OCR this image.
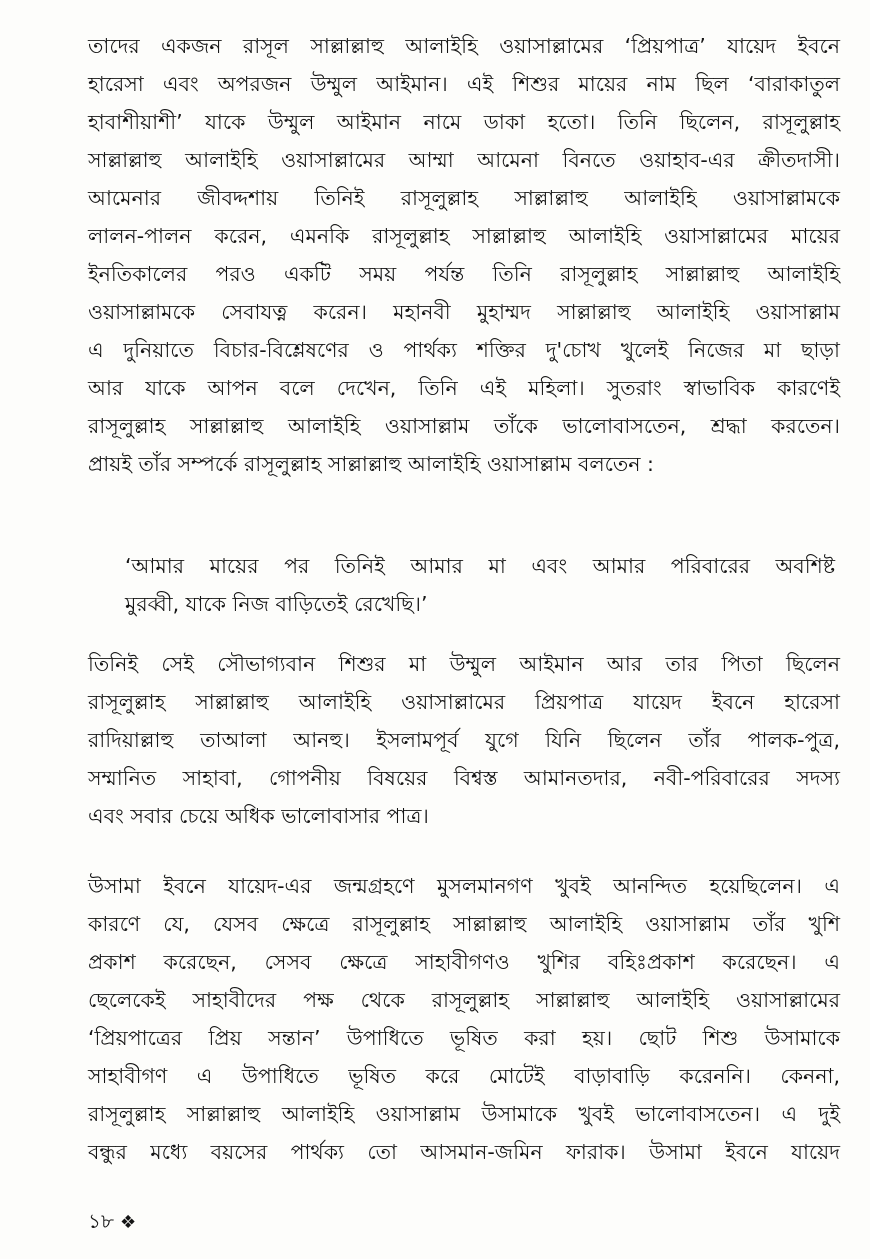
তাদের একজন রাসূল সাল্লাল্লাহু আলাইহি ওয়াসাল্লামের ‘প্রিয়পাত্র’ যায়েদ ইবনে
হারেসা এবং অপরজন উম্মুল আইমান। এই শিশুর মায়ের নাম ছিল ‘বারাকাতুল
হাবাশীয়াশী’ যাকে উম্মুল আইমান নামে ডাকা হতো। তিনি ছিলেন, রাসূলুল্লাহ
সাল্লাল্লাহু আলাইহি ওয়াসাল্লামের আম্মা আমেনা বিনতে ওয়াহাব-এর ক্রীতদাসী।
আমেনার জীবদ্দশায় তিনিই রাসূলুল্লাহ সাল্লাল্লাহু আলাইহি ওয়াসাল্লামকে
লালন-পালন করেন, এমনকি রাসূলুল্লাহ সাল্লাল্লাহু আলাইহি ওয়াসাল্লামের মায়ের
ইনতিকালের পরও একটি সময় পর্যন্ত তিনি রাসূলুল্লাহ সাল্লাল্লাহু আলাইহি
ওয়াসাল্লামকে সেবাযত্ন করেন। মহানবী মুহাম্মদ সাল্লাল্লাহু আলাইহি ওয়াসাল্লাম
এ দুনিয়াতে বিচার-বিশ্লেষণের ও পার্থক্য শক্তির দু'চোখ খুলেই নিজের মা ছাড়া
আর যাকে আপন বলে দেখেন, তিনি এই মহিলা। সুতরাং স্বাভাবিক কারণেই
রাসূলুল্লাহ সাল্লাল্লাহু আলাইহি ওয়াসাল্লাম তাঁকে ভালোবাসতেন, শ্রদ্ধা করতেন।
প্রায়ই তাঁর সম্পর্কে রাসূলুল্লাহ সাল্লাল্লাহু আলাইহি ওয়াসাল্লাম বলতেন :
‘আমার মায়ের পর তিনিই আমার মা এবং আমার পরিবারের অবশিষ্ট
মুরব্বী, যাকে নিজ বাড়িতেই রেখেছি।’
তিনিই সেই সৌভাগ্যবান শিশুর মা উম্মুল আইমান আর তার পিতা ছিলেন
রাসূলুল্লাহ সাল্লাল্লাহু আলাইহি ওয়াসাল্লামের প্রিয়পাত্র যায়েদ ইবনে হারেসা
রাদিয়াল্লাহু তাআলা আনহু। ইসলামপূর্ব যুগে যিনি ছিলেন তাঁর পালক-পুত্র,
সম্মানিত সাহাবা, গোপনীয় বিষয়ের বিশ্বস্ত আমানতদার, নবী-পরিবারের সদস্য
এবং সবার চেয়ে অধিক ভালোবাসার পাত্র।
উসামা ইবনে যায়েদ-এর জন্মগ্রহণে মুসলমানগণ খুবই আনন্দিত হয়েছিলেন। এ
কারণে যে, যেসব ক্ষেত্রে রাসূলুল্লাহ সাল্লাল্লাহু আলাইহি ওয়াসাল্লাম তাঁর খুশি
প্রকাশ করেছেন, সেসব ক্ষেত্রে সাহাবীগণও খুশির বহিঃপ্রকাশ করেছেন। এ
ছেলেকেই সাহাবীদের পক্ষ থেকে রাসূলুল্লাহ সাল্লাল্লাহু আলাইহি ওয়াসাল্লামের
‘প্রিয়পাত্রের প্রিয় সন্তান’ উপাধিতে ভূষিত করা হয়। ছোট শিশু উসামাকে
সাহাবীগণ এ উপাধিতে ভূষিত করে মোটেই বাড়াবাড়ি করেননি। কেননা,
রাসূলুল্লাহ সাল্লাল্লাহু আলাইহি ওয়াসাল্লাম উসামাকে খুবই ভালোবাসতেন। এ দুই
বন্ধুর মধ্যে বয়সের পার্থক্য তো আসমান-জমিন ফারাক। উসামা ইবনে যায়েদ
১৮ ❖
